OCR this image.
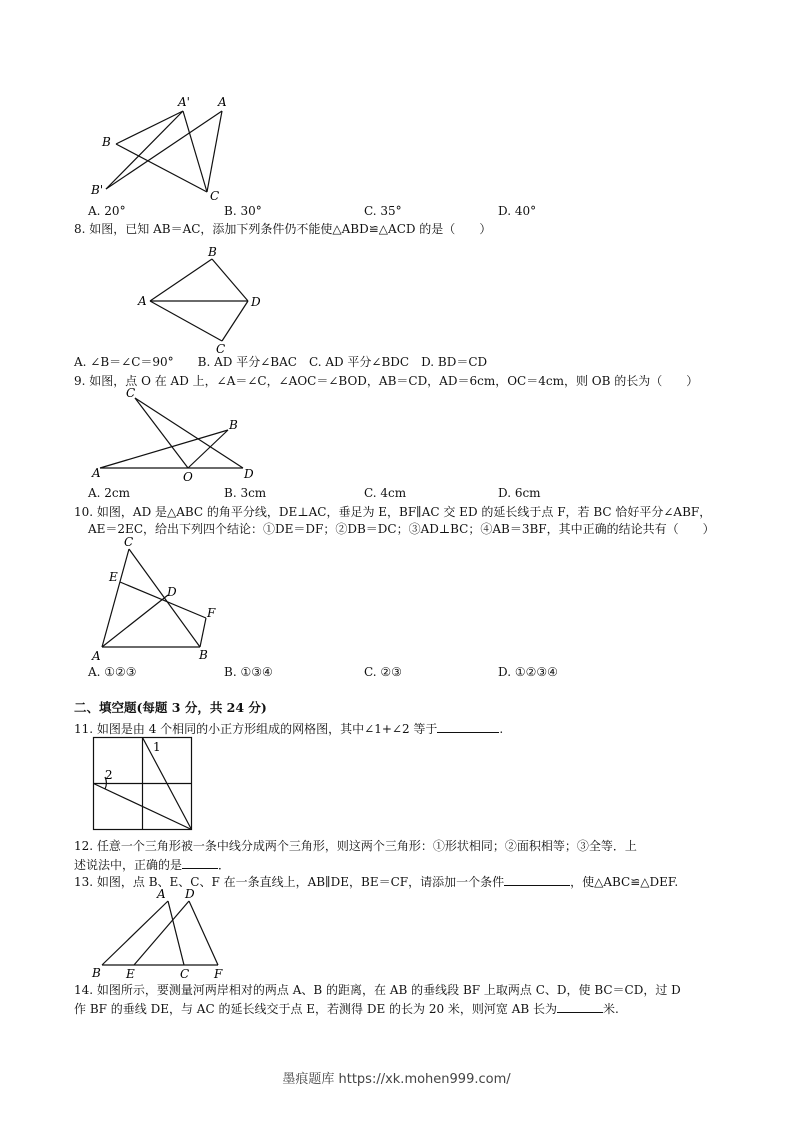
A' A
B
B'	C
A. 20°	B. 30°	C. 35°	D. 40°
8. 如图，已知 AB＝AC，添加下列条件仍不能使△ABD≌△ACD 的是（　　）
B
A	D
C
A. ∠B＝∠C＝90°　　B. AD 平分∠BAC　C. AD 平分∠BDC　D. BD＝CD
9. 如图，点 O 在 AD 上，∠A＝∠C，∠AOC＝∠BOD，AB＝CD，AD＝6cm，OC＝4cm，则 OB 的长为（　　）
C
B
A	O	D
A. 2cm	B. 3cm	C. 4cm	D. 6cm
10. 如图，AD 是△ABC 的角平分线，DE⊥AC，垂足为 E，BF∥AC 交 ED 的延长线于点 F，若 BC 恰好平分∠ABF，
AE＝2EC，给出下列四个结论：①DE＝DF；②DB＝DC；③AD⊥BC；④AB＝3BF，其中正确的结论共有（　　）
C
E
D
F
A	B
A. ①②③	B. ①③④	C. ②③	D. ①②③④
二、填空题(每题 3 分，共 24 分)
11. 如图是由 4 个相同的小正方形组成的网格图，其中∠1+∠2 等于	.
1
2
12. 任意一个三角形被一条中线分成两个三角形，则这两个三角形：①形状相同；②面积相等；③全等．上
述说法中，正确的是	．
13. 如图，点 B、E、C、F 在一条直线上，AB∥DE，BE＝CF，请添加一个条件	，使△ABC≌△DEF.
A D
B E	C F
14. 如图所示，要测量河两岸相对的两点 A、B 的距离，在 AB 的垂线段 BF 上取两点 C、D，使 BC＝CD，过 D
作 BF 的垂线 DE，与 AC 的延长线交于点 E，若测得 DE 的长为 20 米，则河宽 AB 长为	米.
墨痕题库 https://xk.mohen999.com/
